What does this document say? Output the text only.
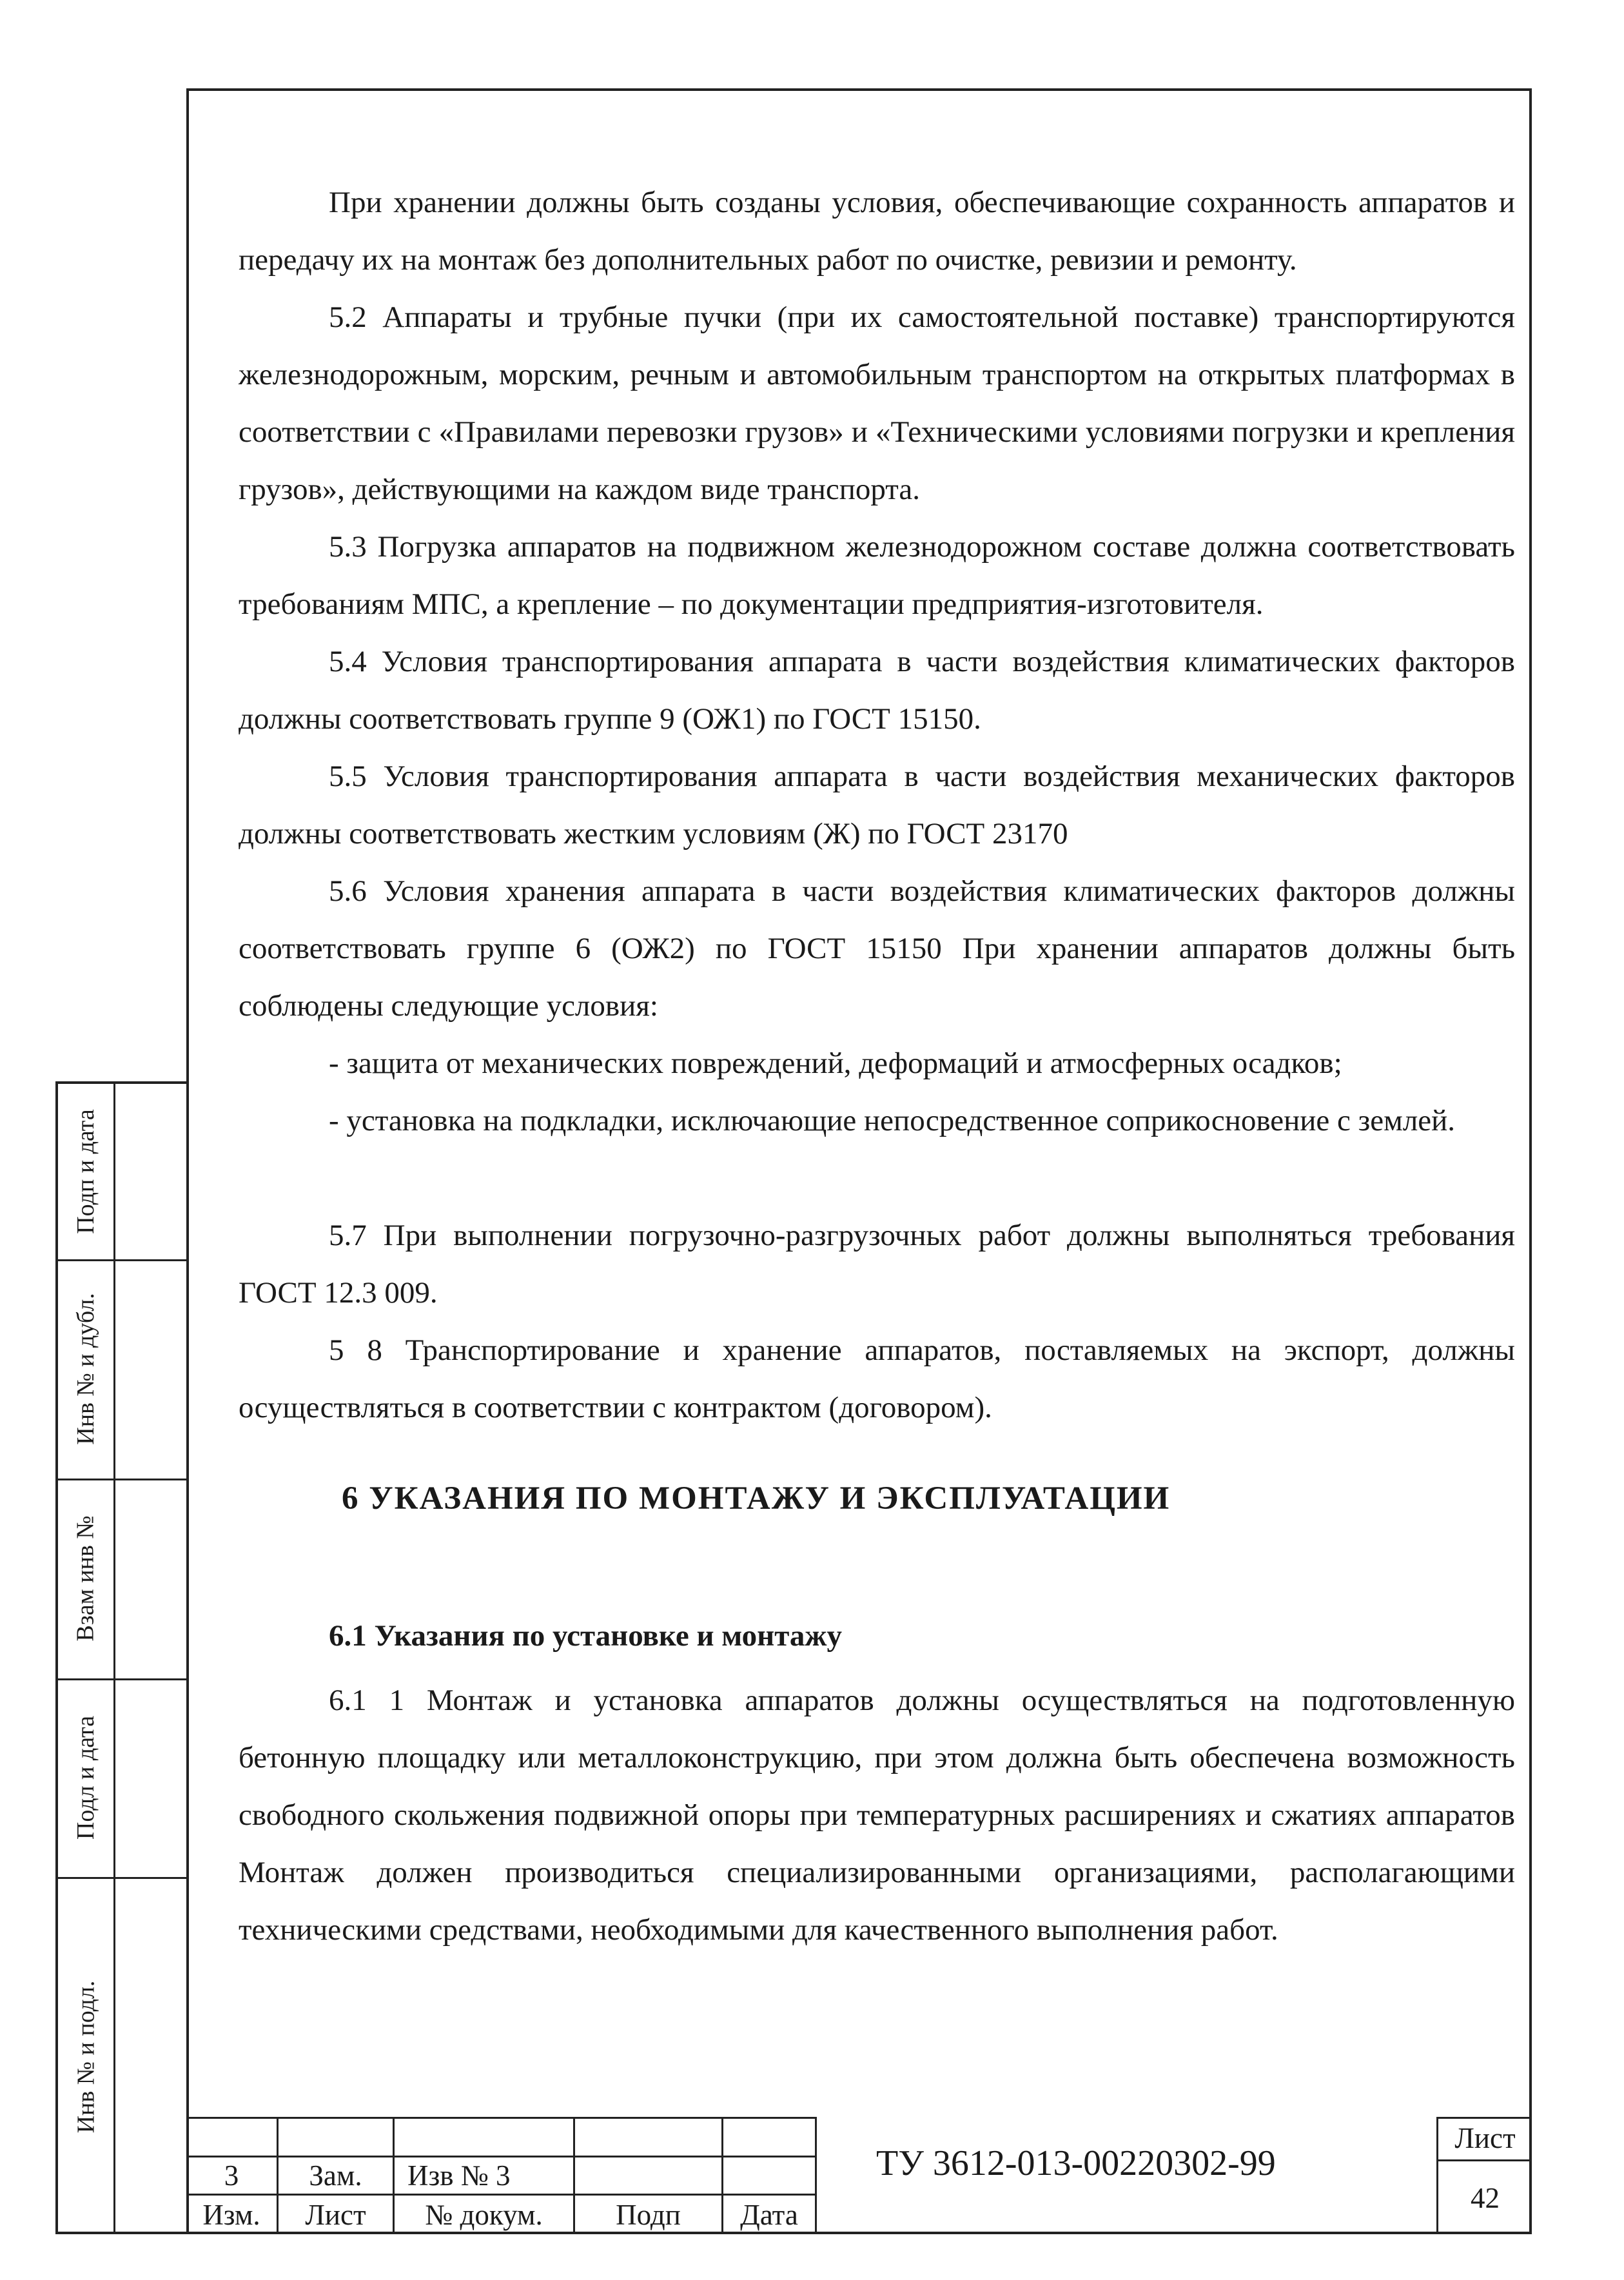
Подп и дата
Инв № и дубл.
Взам инв №
Подл и дата
Инв № и подл.
При хранении должны быть созданы условия, обеспечивающие сохранность аппаратов и передачу их на монтаж без дополнительных работ по очистке, ревизии и ремонту.
5.2 Аппараты и трубные пучки (при их самостоятельной поставке) транспортируются железнодорожным, морским, речным и автомобильным транспортом на открытых платформах в соответствии с «Правилами перевозки грузов» и «Техническими условиями погрузки и крепления грузов», действующими на каждом виде транспорта.
5.3 Погрузка аппаратов на подвижном железнодорожном составе должна соответствовать требованиям МПС, а крепление – по документации предприятия-изготовителя.
5.4 Условия транспортирования аппарата в части воздействия климатических факторов должны соответствовать группе 9 (ОЖ1) по ГОСТ 15150.
5.5 Условия транспортирования аппарата в части воздействия механических факторов должны соответствовать жестким условиям (Ж) по ГОСТ 23170
5.6 Условия хранения аппарата в части воздействия климатических факторов должны соответствовать группе 6 (ОЖ2) по ГОСТ 15150 При хранении аппаратов должны быть соблюдены следующие условия:
- защита от механических повреждений, деформаций и атмосферных осадков;
- установка на подкладки, исключающие непосредственное соприкосновение с землей.
5.7 При выполнении погрузочно-разгрузочных работ должны выполняться требования ГОСТ 12.3 009.
5 8 Транспортирование и хранение аппаратов, поставляемых на экспорт, должны осуществляться в соответствии с контрактом (договором).
6 УКАЗАНИЯ ПО МОНТАЖУ И ЭКСПЛУАТАЦИИ
6.1 Указания по установке и монтажу
6.1 1 Монтаж и установка аппаратов должны осуществляться на подготовленную бетонную площадку или металлоконструкцию, при этом должна быть обеспечена возможность свободного скольжения подвижной опоры при температурных расширениях и сжатиях аппаратов Монтаж должен производиться специализированными организациями, располагающими техническими средствами, необходимыми для качественного выполнения работ.
3	Зам.	Изв № 3
Изм.	Лист	№ докум.	Подп	Дата
ТУ 3612-013-00220302-99
Лист
42
